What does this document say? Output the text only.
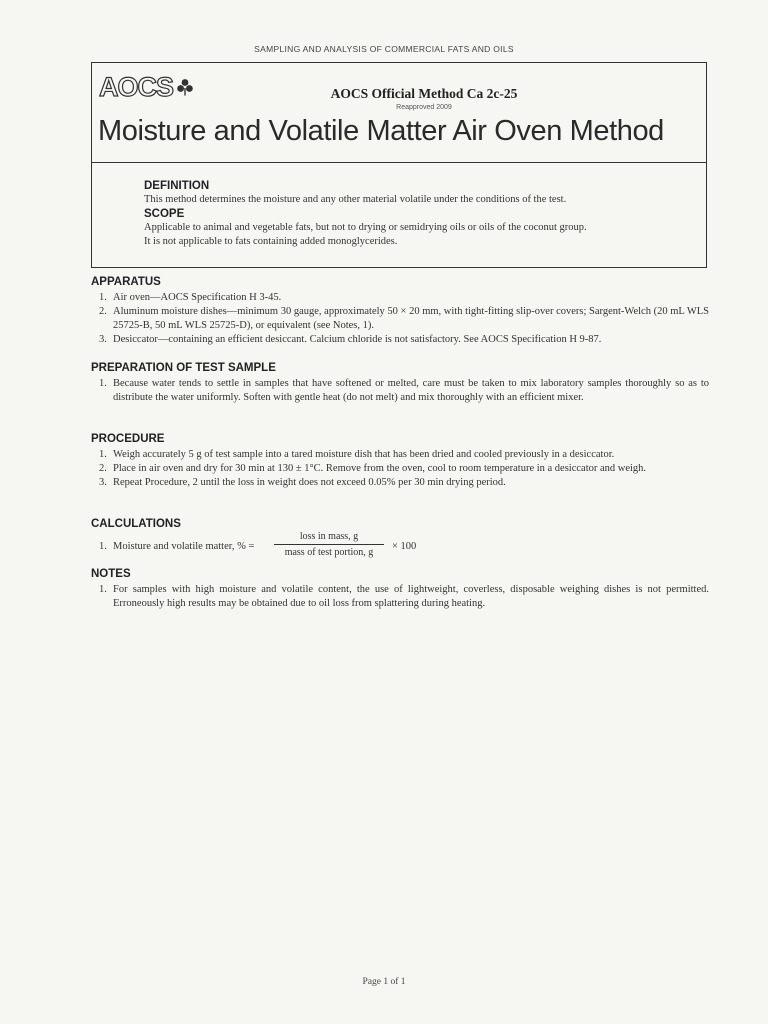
SAMPLING AND ANALYSIS OF COMMERCIAL FATS AND OILS
AOCS	AOCS Official Method Ca 2c-25
Reapproved 2009
Moisture and Volatile Matter Air Oven Method
DEFINITION
This method determines the moisture and any other material volatile under the conditions of the test.
SCOPE
Applicable to animal and vegetable fats, but not to drying or semidrying oils or oils of the coconut group.
It is not applicable to fats containing added monoglycerides.
APPARATUS
1. Air oven—AOCS Specification H 3-45.
2. Aluminum moisture dishes—minimum 30 gauge, approximately 50 × 20 mm, with tight-fitting slip-over covers; Sargent-Welch (20 mL WLS 25725-B, 50 mL WLS 25725-D), or equivalent (see Notes, 1).
3. Desiccator—containing an efficient desiccant. Calcium chloride is not satisfactory. See AOCS Specification H 9-87.
PREPARATION OF TEST SAMPLE
1. Because water tends to settle in samples that have softened or melted, care must be taken to mix laboratory samples thoroughly so as to distribute the water uniformly. Soften with gentle heat (do not melt) and mix thoroughly with an efficient mixer.
PROCEDURE
1. Weigh accurately 5 g of test sample into a tared moisture dish that has been dried and cooled previously in a desiccator.
2. Place in air oven and dry for 30 min at 130 ± 1°C. Remove from the oven, cool to room temperature in a desiccator and weigh.
3. Repeat Procedure, 2 until the loss in weight does not exceed 0.05% per 30 min drying period.
CALCULATIONS
1. Moisture and volatile matter, % =
loss in mass, g
mass of test portion, g
× 100
NOTES
1. For samples with high moisture and volatile content, the use of lightweight, coverless, disposable weighing dishes is not permitted. Erroneously high results may be obtained due to oil loss from splattering during heating.
Page 1 of 1
